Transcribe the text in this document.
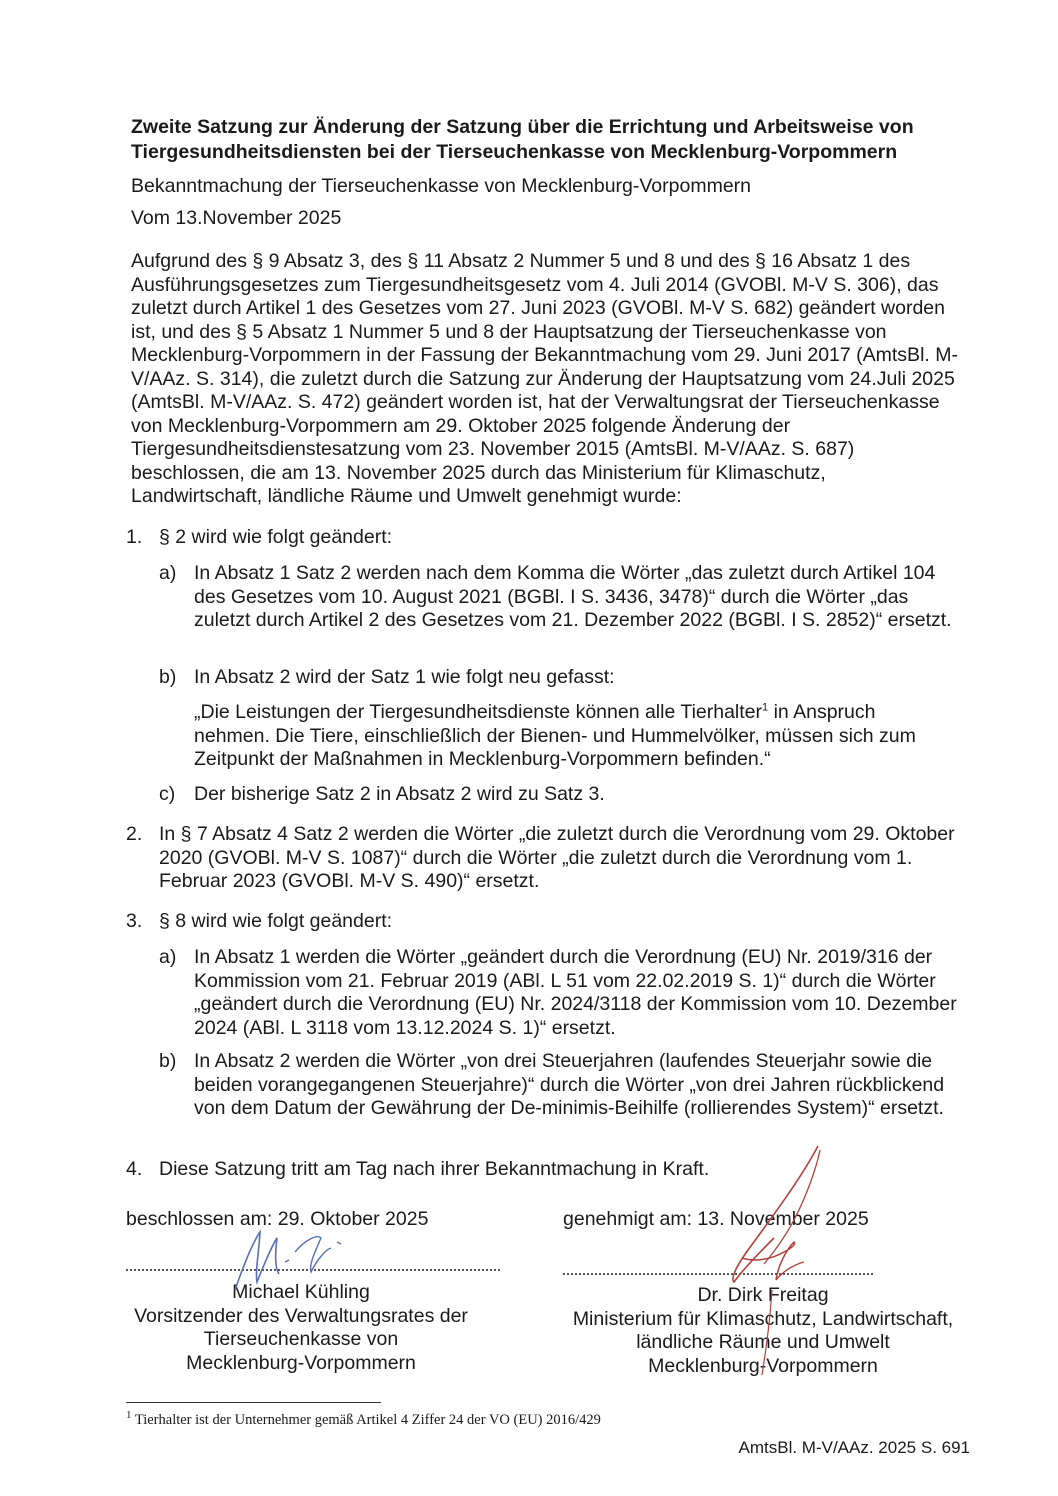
Zweite Satzung zur Änderung der Satzung über die Errichtung und Arbeitsweise von Tiergesundheitsdiensten bei der Tierseuchenkasse von Mecklenburg-Vorpommern
Bekanntmachung der Tierseuchenkasse von Mecklenburg-Vorpommern
Vom 13.November 2025
Aufgrund des § 9 Absatz 3, des § 11 Absatz 2 Nummer 5 und 8 und des § 16 Absatz 1 des Ausführungsgesetzes zum Tiergesundheitsgesetz vom 4. Juli 2014 (GVOBl. M-V S. 306), das zuletzt durch Artikel 1 des Gesetzes vom 27. Juni 2023 (GVOBl. M-V S. 682) geändert worden ist, und des § 5 Absatz 1 Nummer 5 und 8 der Hauptsatzung der Tierseuchenkasse von Mecklenburg-Vorpommern in der Fassung der Bekanntmachung vom 29. Juni 2017 (AmtsBl. M-V/AAz. S. 314), die zuletzt durch die Satzung zur Änderung der Hauptsatzung vom 24.Juli 2025 (AmtsBl. M-V/AAz. S. 472) geändert worden ist, hat der Verwaltungsrat der Tierseuchenkasse von Mecklenburg-Vorpommern am 29. Oktober 2025 folgende Änderung der Tiergesundheitsdienstesatzung vom 23. November 2015 (AmtsBl. M-V/AAz. S. 687) beschlossen, die am 13. November 2025 durch das Ministerium für Klimaschutz, Landwirtschaft, ländliche Räume und Umwelt genehmigt wurde:
1. § 2 wird wie folgt geändert:
a) In Absatz 1 Satz 2 werden nach dem Komma die Wörter „das zuletzt durch Artikel 104 des Gesetzes vom 10. August 2021 (BGBl. I S. 3436, 3478)“ durch die Wörter „das zuletzt durch Artikel 2 des Gesetzes vom 21. Dezember 2022 (BGBl. I S. 2852)“ ersetzt.
b) In Absatz 2 wird der Satz 1 wie folgt neu gefasst:
„Die Leistungen der Tiergesundheitsdienste können alle Tierhalter$^1$ in Anspruch nehmen. Die Tiere, einschließlich der Bienen- und Hummelvölker, müssen sich zum Zeitpunkt der Maßnahmen in Mecklenburg-Vorpommern befinden.“
c) Der bisherige Satz 2 in Absatz 2 wird zu Satz 3.
2. In § 7 Absatz 4 Satz 2 werden die Wörter „die zuletzt durch die Verordnung vom 29. Oktober 2020 (GVOBl. M-V S. 1087)“ durch die Wörter „die zuletzt durch die Verordnung vom 1. Februar 2023 (GVOBl. M-V S. 490)“ ersetzt.
3. § 8 wird wie folgt geändert:
a) In Absatz 1 werden die Wörter „geändert durch die Verordnung (EU) Nr. 2019/316 der Kommission vom 21. Februar 2019 (ABl. L 51 vom 22.02.2019 S. 1)“ durch die Wörter „geändert durch die Verordnung (EU) Nr. 2024/3118 der Kommission vom 10. Dezember 2024 (ABl. L 3118 vom 13.12.2024 S. 1)“ ersetzt.
b) In Absatz 2 werden die Wörter „von drei Steuerjahren (laufendes Steuerjahr sowie die beiden vorangegangenen Steuerjahre)“ durch die Wörter „von drei Jahren rückblickend von dem Datum der Gewährung der De-minimis-Beihilfe (rollierendes System)“ ersetzt.
4. Diese Satzung tritt am Tag nach ihrer Bekanntmachung in Kraft.
beschlossen am: 29. Oktober 2025
Michael Kühling
Vorsitzender des Verwaltungsrates der
Tierseuchenkasse von
Mecklenburg-Vorpommern
genehmigt am: 13. November 2025
Dr. Dirk Freitag
Ministerium für Klimaschutz, Landwirtschaft,
ländliche Räume und Umwelt
Mecklenburg-Vorpommern
$^1$ Tierhalter ist der Unternehmer gemäß Artikel 4 Ziffer 24 der VO (EU) 2016/429
AmtsBl. M-V/AAz. 2025 S. 691
